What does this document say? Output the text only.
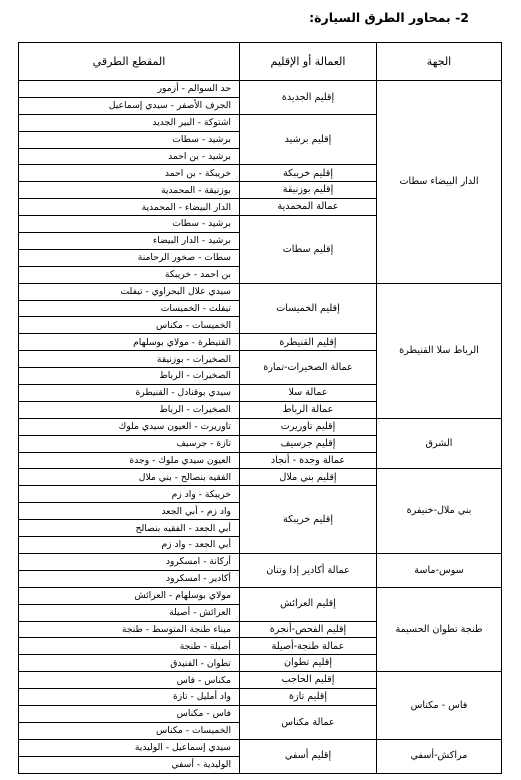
2- بمحاور الطرق السيارة:
الجهة	العمالة أو الإقليم	المقطع الطرقي
الدار البيضاء سطات	إقليم الجديدة	حد السوالم - أزمور
		الجرف الأصفر - سيدي إسماعيل
	إقليم برشيد	اشتوكة - البير الجديد
		برشيد - سطات
		برشيد - بن احمد
	إقليم خريبكة	خريبكة - بن احمد
	إقليم بوزنيقة	بوزنيقة - المحمدية
	عمالة المحمدية	الدار البيضاء - المحمدية
	إقليم سطات	برشيد - سطات
		برشيد - الدار البيضاء
		سطات - صخور الرحامنة
		بن احمد - خريبكة
الرباط سلا القنيطرة	إقليم الخميسات	سيدي علال البحراوي - تيفلت
		تيفلت - الخميسات
		الخميسات - مكناس
	إقليم القنيطرة	القنيطرة - مولاي بوسلهام
	عمالة الصخيرات-تمارة	الصخيرات - بوزنيقة
		الصخيرات - الرباط
	عمالة سلا	سيدي بوقنادل - القنيطرة
	عمالة الرباط	الصخيرات - الرباط
الشرق	إقليم تاوريرت	تاوريرت - العيون سيدي ملوك
	إقليم جرسيف	تازة - جرسيف
	عمالة وجدة - أنجاد	العيون سيدي ملوك - وجدة
بني ملال-خنيفرة	إقليم بني ملال	الفقيه بنصالح - بني ملال
	إقليم خريبكة	خريبكة - واد زم
		واد زم - أبي الجعد
		أبي الجعد - الفقيه بنصالح
		أبي الجعد - واد زم
سوس-ماسة	عمالة أكادير إدا وتنان	أركانة - امسكرود
		أكادير - امسكرود
طنجة تطوان الحسيمة	إقليم العرائش	مولاي بوسلهام - العرائش
		العرائش - أصيلة
	إقليم الفحص-أنجرة	ميناء طنجة المتوسط - طنجة
	عمالة طنجة-أصيلة	أصيلة - طنجة
	إقليم تطوان	تطوان - الفنيدق
فاس - مكناس	إقليم الحاجب	مكناس - فاس
	إقليم تازة	واد أمليل - تازة
	عمالة مكناس	فاس - مكناس
		الخميسات - مكناس
مراكش-أسفي	إقليم أسفي	سيدي إسماعيل - الوليدية
		الوليدية - أسفي
